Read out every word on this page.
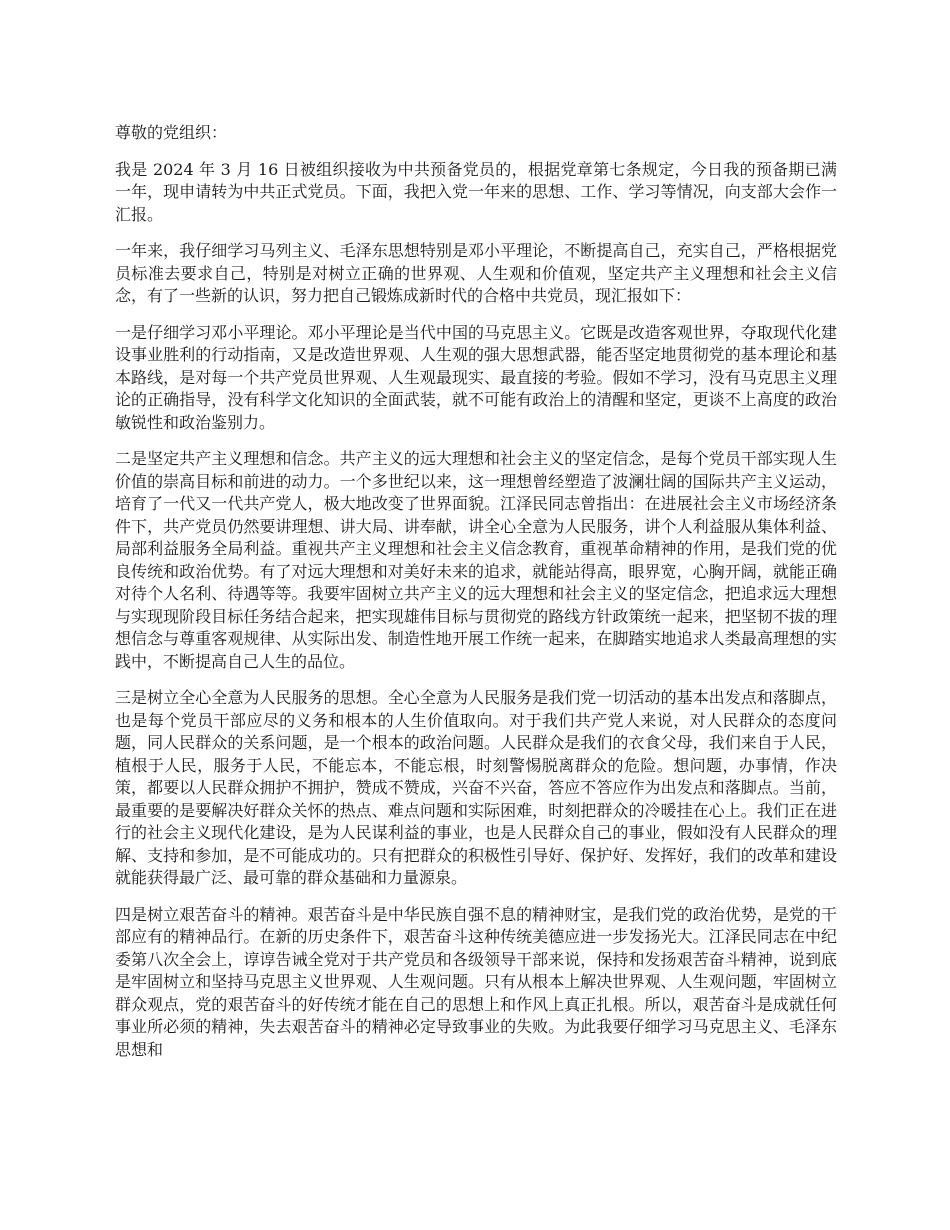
尊敬的党组织：

我是 2024 年 3 月 16 日被组织接收为中共预备党员的，根据党章第七条规定，今日我的预备期已满一年，现申请转为中共正式党员。下面，我把入党一年来的思想、工作、学习等情况，向支部大会作一汇报。

一年来，我仔细学习马列主义、毛泽东思想特别是邓小平理论，不断提高自己，充实自己，严格根据党员标准去要求自己，特别是对树立正确的世界观、人生观和价值观，坚定共产主义理想和社会主义信念，有了一些新的认识，努力把自己锻炼成新时代的合格中共党员，现汇报如下：

一是仔细学习邓小平理论。邓小平理论是当代中国的马克思主义。它既是改造客观世界，夺取现代化建设事业胜利的行动指南，又是改造世界观、人生观的强大思想武器，能否坚定地贯彻党的基本理论和基本路线，是对每一个共产党员世界观、人生观最现实、最直接的考验。假如不学习，没有马克思主义理论的正确指导，没有科学文化知识的全面武装，就不可能有政治上的清醒和坚定，更谈不上高度的政治敏锐性和政治鉴别力。

二是坚定共产主义理想和信念。共产主义的远大理想和社会主义的坚定信念，是每个党员干部实现人生价值的崇高目标和前进的动力。一个多世纪以来，这一理想曾经塑造了波澜壮阔的国际共产主义运动，培育了一代又一代共产党人，极大地改变了世界面貌。江泽民同志曾指出：在进展社会主义市场经济条件下，共产党员仍然要讲理想、讲大局、讲奉献，讲全心全意为人民服务，讲个人利益服从集体利益、局部利益服务全局利益。重视共产主义理想和社会主义信念教育，重视革命精神的作用，是我们党的优良传统和政治优势。有了对远大理想和对美好未来的追求，就能站得高，眼界宽，心胸开阔，就能正确对待个人名利、待遇等等。我要牢固树立共产主义的远大理想和社会主义的坚定信念，把追求远大理想与实现现阶段目标任务结合起来，把实现雄伟目标与贯彻党的路线方针政策统一起来，把坚韧不拔的理想信念与尊重客观规律、从实际出发、制造性地开展工作统一起来，在脚踏实地追求人类最高理想的实践中，不断提高自己人生的品位。

三是树立全心全意为人民服务的思想。全心全意为人民服务是我们党一切活动的基本出发点和落脚点，也是每个党员干部应尽的义务和根本的人生价值取向。对于我们共产党人来说，对人民群众的态度问题，同人民群众的关系问题，是一个根本的政治问题。人民群众是我们的衣食父母，我们来自于人民，植根于人民，服务于人民，不能忘本，不能忘根，时刻警惕脱离群众的危险。想问题，办事情，作决策，都要以人民群众拥护不拥护，赞成不赞成，兴奋不兴奋，答应不答应作为出发点和落脚点。当前，最重要的是要解决好群众关怀的热点、难点问题和实际困难，时刻把群众的冷暖挂在心上。我们正在进行的社会主义现代化建设，是为人民谋利益的事业，也是人民群众自己的事业，假如没有人民群众的理解、支持和参加，是不可能成功的。只有把群众的积极性引导好、保护好、发挥好，我们的改革和建设就能获得最广泛、最可靠的群众基础和力量源泉。

四是树立艰苦奋斗的精神。艰苦奋斗是中华民族自强不息的精神财宝，是我们党的政治优势，是党的干部应有的精神品行。在新的历史条件下，艰苦奋斗这种传统美德应进一步发扬光大。江泽民同志在中纪委第八次全会上，谆谆告诫全党对于共产党员和各级领导干部来说，保持和发扬艰苦奋斗精神，说到底是牢固树立和坚持马克思主义世界观、人生观问题。只有从根本上解决世界观、人生观问题，牢固树立群众观点，党的艰苦奋斗的好传统才能在自己的思想上和作风上真正扎根。所以，艰苦奋斗是成就任何事业所必须的精神，失去艰苦奋斗的精神必定导致事业的失败。为此我要仔细学习马克思主义、毛泽东思想和
